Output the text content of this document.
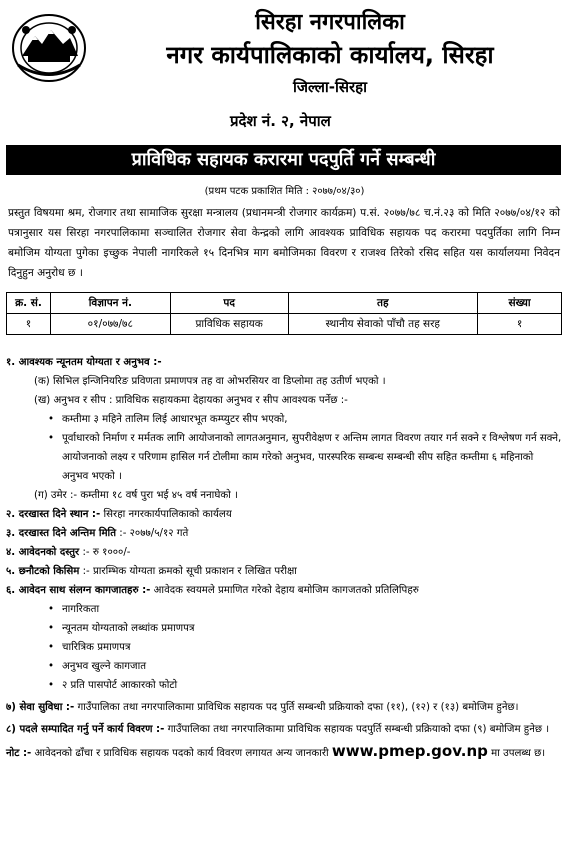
सिरहा नगरपालिका
नगर कार्यपालिकाको कार्यालय, सिरहा
जिल्ला-सिरहा
प्रदेश नं. २, नेपाल
प्राविधिक सहायक करारमा पदपुर्ति गर्ने सम्बन्धी
(प्रथम पटक प्रकाशित मिति : २०७७/०४/३०)
प्रस्तुत विषयमा श्रम, रोजगार तथा सामाजिक सुरक्षा मन्त्रालय (प्रधानमन्त्री रोजगार कार्यक्रम) प.सं. २०७७/७८ च.नं.२३ को मिति २०७७/०४/१२ को पत्रानुसार यस सिरहा नगरपालिकामा सञ्चालित रोजगार सेवा केन्द्रको लागि आवश्यक प्राविधिक सहायक पद करारमा पदपुर्तिका लागि निम्न बमोजिम योग्यता पुगेका इच्छुक नेपाली नागरिकले १५ दिनभित्र माग बमोजिमका विवरण र राजश्व तिरेको रसिद सहित यस कार्यालयमा निवेदन दिनुहुन अनुरोध छ ।
क्र. सं.	विज्ञापन नं.	पद	तह	संख्या
१	०१/०७७/७८	प्राविधिक सहायक	स्थानीय सेवाको पाँचौ तह सरह	१

१. आवश्यक न्यूनतम योग्यता र अनुभव :-

(क) सिभिल इन्जिनियरिङ प्रविणता प्रमाणपत्र तह वा ओभरसियर वा डिप्लोमा तह उतीर्ण भएको ।

(ख) अनुभव र सीप : प्राविधिक सहायकमा देहायका अनुभव र सीप आवश्यक पर्नेछ :-

• कम्तीमा ३ महिने तालिम लिई आधारभूत कम्प्युटर सीप भएको,

• पूर्वाधारको निर्माण र मर्मतक लागि आयोजनाको लागतअनुमान, सुपरीवेक्षण र अन्तिम लागत विवरण तयार गर्न सक्ने र विश्लेषण गर्न सक्ने, आयोजनाको लक्ष्य र परिणाम हासिल गर्न टोलीमा काम गरेको अनुभव, पारस्परिक सम्बन्ध सम्बन्धी सीप सहित कम्तीमा ६ महिनाको अनुभव भएको ।

(ग) उमेर :- कम्तीमा १८ वर्ष पुरा भई ४५ वर्ष ननाघेको ।

२. दरखास्त दिने स्थान :- सिरहा नगरकार्यपालिकाको कार्यलय

३. दरखास्त दिने अन्तिम मिति :- २०७७/५/१२ गते

४. आवेदनको दस्तुर :- रु १०००/-

५. छनौटको किसिम :- प्रारम्भिक योग्यता क्रमको सूची प्रकाशन र लिखित परीक्षा

६. आवेदन साथ संलग्न कागजातहरु :- आवेदक स्वयमले प्रमाणित गरेको देहाय बमोजिम कागजतको प्रतिलिपिहरु

• नागरिकता

• न्यूनतम योग्यताको लब्धांक प्रमाणपत्र

• चारित्रिक प्रमाणपत्र

• अनुभव खुल्ने कागजात

• २ प्रति पासपोर्ट आकारको फोटो

७) सेवा सुविधा :- गाउँपालिका तथा नगरपालिकामा प्राविधिक सहायक पद पुर्ति सम्बन्धी प्रक्रियाको दफा (११), (१२) र (१३) बमोजिम हुनेछ।

८) पदले सम्पादित गर्नु पर्ने कार्य विवरण :- गाउँपालिका तथा नगरपालिकामा प्राविधिक सहायक पदपुर्ति सम्बन्धी प्रक्रियाको दफा (९) बमोजिम हुनेछ ।

नोट :- आवेदनको ढाँचा र प्राविधिक सहायक पदको कार्य विवरण लगायत अन्य जानकारी www.pmep.gov.np मा उपलब्ध छ।
